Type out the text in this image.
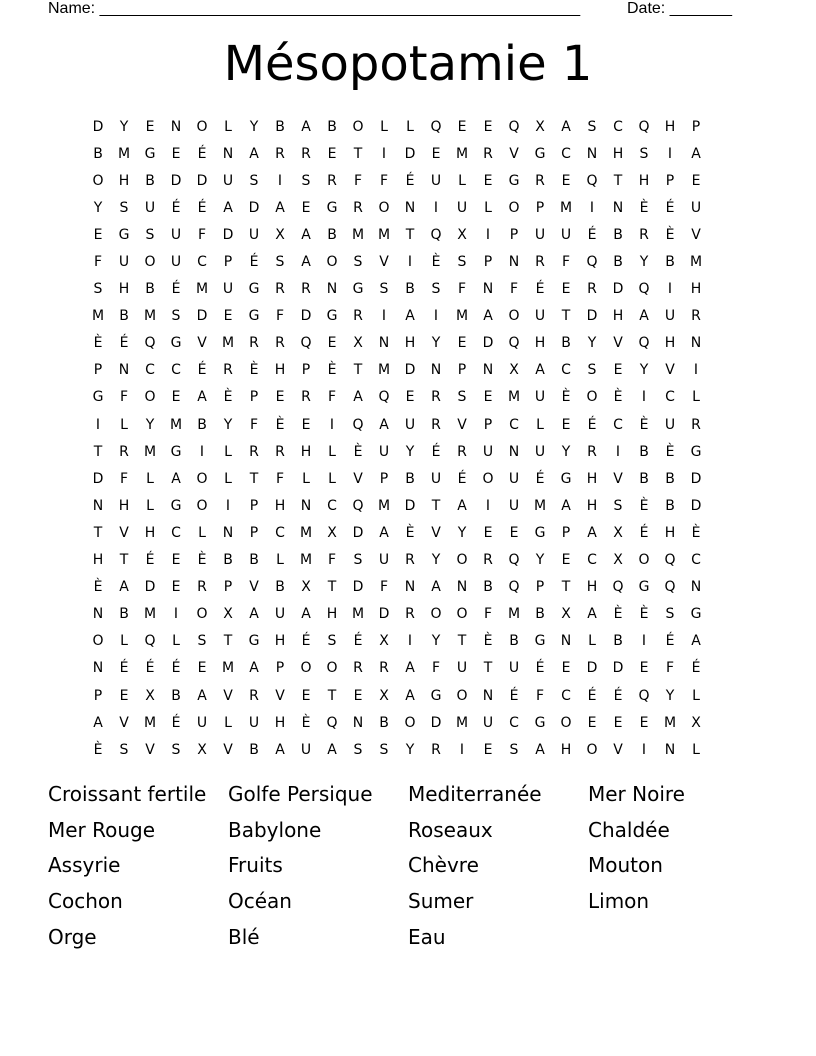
Name: ______________________________________________________	Date: _______
Mésopotamie 1
D	Y	E	N	O	L	Y	B	A	B	O	L	L	Q	E	E	Q	X	A	S	C	Q	H	P
B	M	G	E	É	N	A	R	R	E	T	I	D	E	M	R	V	G	C	N	H	S	I	A
O	H	B	D	D	U	S	I	S	R	F	F	É	U	L	E	G	R	E	Q	T	H	P	E
Y	S	U	É	É	A	D	A	E	G	R	O	N	I	U	L	O	P	M	I	N	È	É	U
E	G	S	U	F	D	U	X	A	B	M M	T	Q	X	I	P	U	U	É	B	R	È	V
F	U	O	U	C	P	É	S	A	O	S	V	I	È	S	P	N	R	F	Q	B	Y	B	M
S	H	B	É	M	U	G	R	R	N	G	S	B	S	F	N	F	É	E	R	D	Q	I	H
M	B	M	S	D	E	G	F	D	G	R	I	A	I	M	A	O	U	T	D	H	A	U	R
È	É	Q	G	V	M	R	R	Q	E	X	N	H	Y	E	D	Q	H	B	Y	V	Q	H	N
P	N	C	C	É	R	È	H	P	È	T	M	D	N	P	N	X	A	C	S	E	Y	V	I
G	F	O	E	A	È	P	E	R	F	A	Q	E	R	S	E	M	U	È	O	È	I	C	L
I	L	Y	M	B	Y	F	È	E	I	Q	A	U	R	V	P	C	L	E	É	C	È	U	R
T	R	M	G	I	L	R	R	H	L	È	U	Y	É	R	U	N	U	Y	R	I	B	È	G
D	F	L	A	O	L	T	F	L	L	V	P	B	U	É	O	U	É	G	H	V	B	B	D
N	H	L	G	O	I	P	H	N	C	Q	M	D	T	A	I	U	M	A	H	S	È	B	D
T	V	H	C	L	N	P	C	M	X	D	A	È	V	Y	E	E	G	P	A	X	É	H	È
H	T	É	E	È	B	B	L	M	F	S	U	R	Y	O	R	Q	Y	E	C	X	O	Q	C
È	A	D	E	R	P	V	B	X	T	D	F	N	A	N	B	Q	P	T	H	Q	G	Q	N
N	B	M	I	O	X	A	U	A	H	M	D	R	O	O	F	M	B	X	A	È	È	S	G
O	L	Q	L	S	T	G	H	É	S	É	X	I	Y	T	È	B	G	N	L	B	I	É	A
N	É	É	É	E	M	A	P	O	O	R	R	A	F	U	T	U	É	E	D	D	E	F	É
P	E	X	B	A	V	R	V	E	T	E	X	A	G	O	N	É	F	C	É	É	Q	Y	L
A	V	M	É	U	L	U	H	È	Q	N	B	O	D	M	U	C	G	O	E	E	E	M	X
È	S	V	S	X	V	B	A	U	A	S	S	Y	R	I	E	S	A	H	O	V	I	N	L
Croissant fertile	Golfe Persique	Mediterranée	Mer Noire
Mer Rouge	Babylone	Roseaux	Chaldée
Assyrie	Fruits	Chèvre	Mouton
Cochon	Océan	Sumer	Limon
Orge	Blé	Eau
